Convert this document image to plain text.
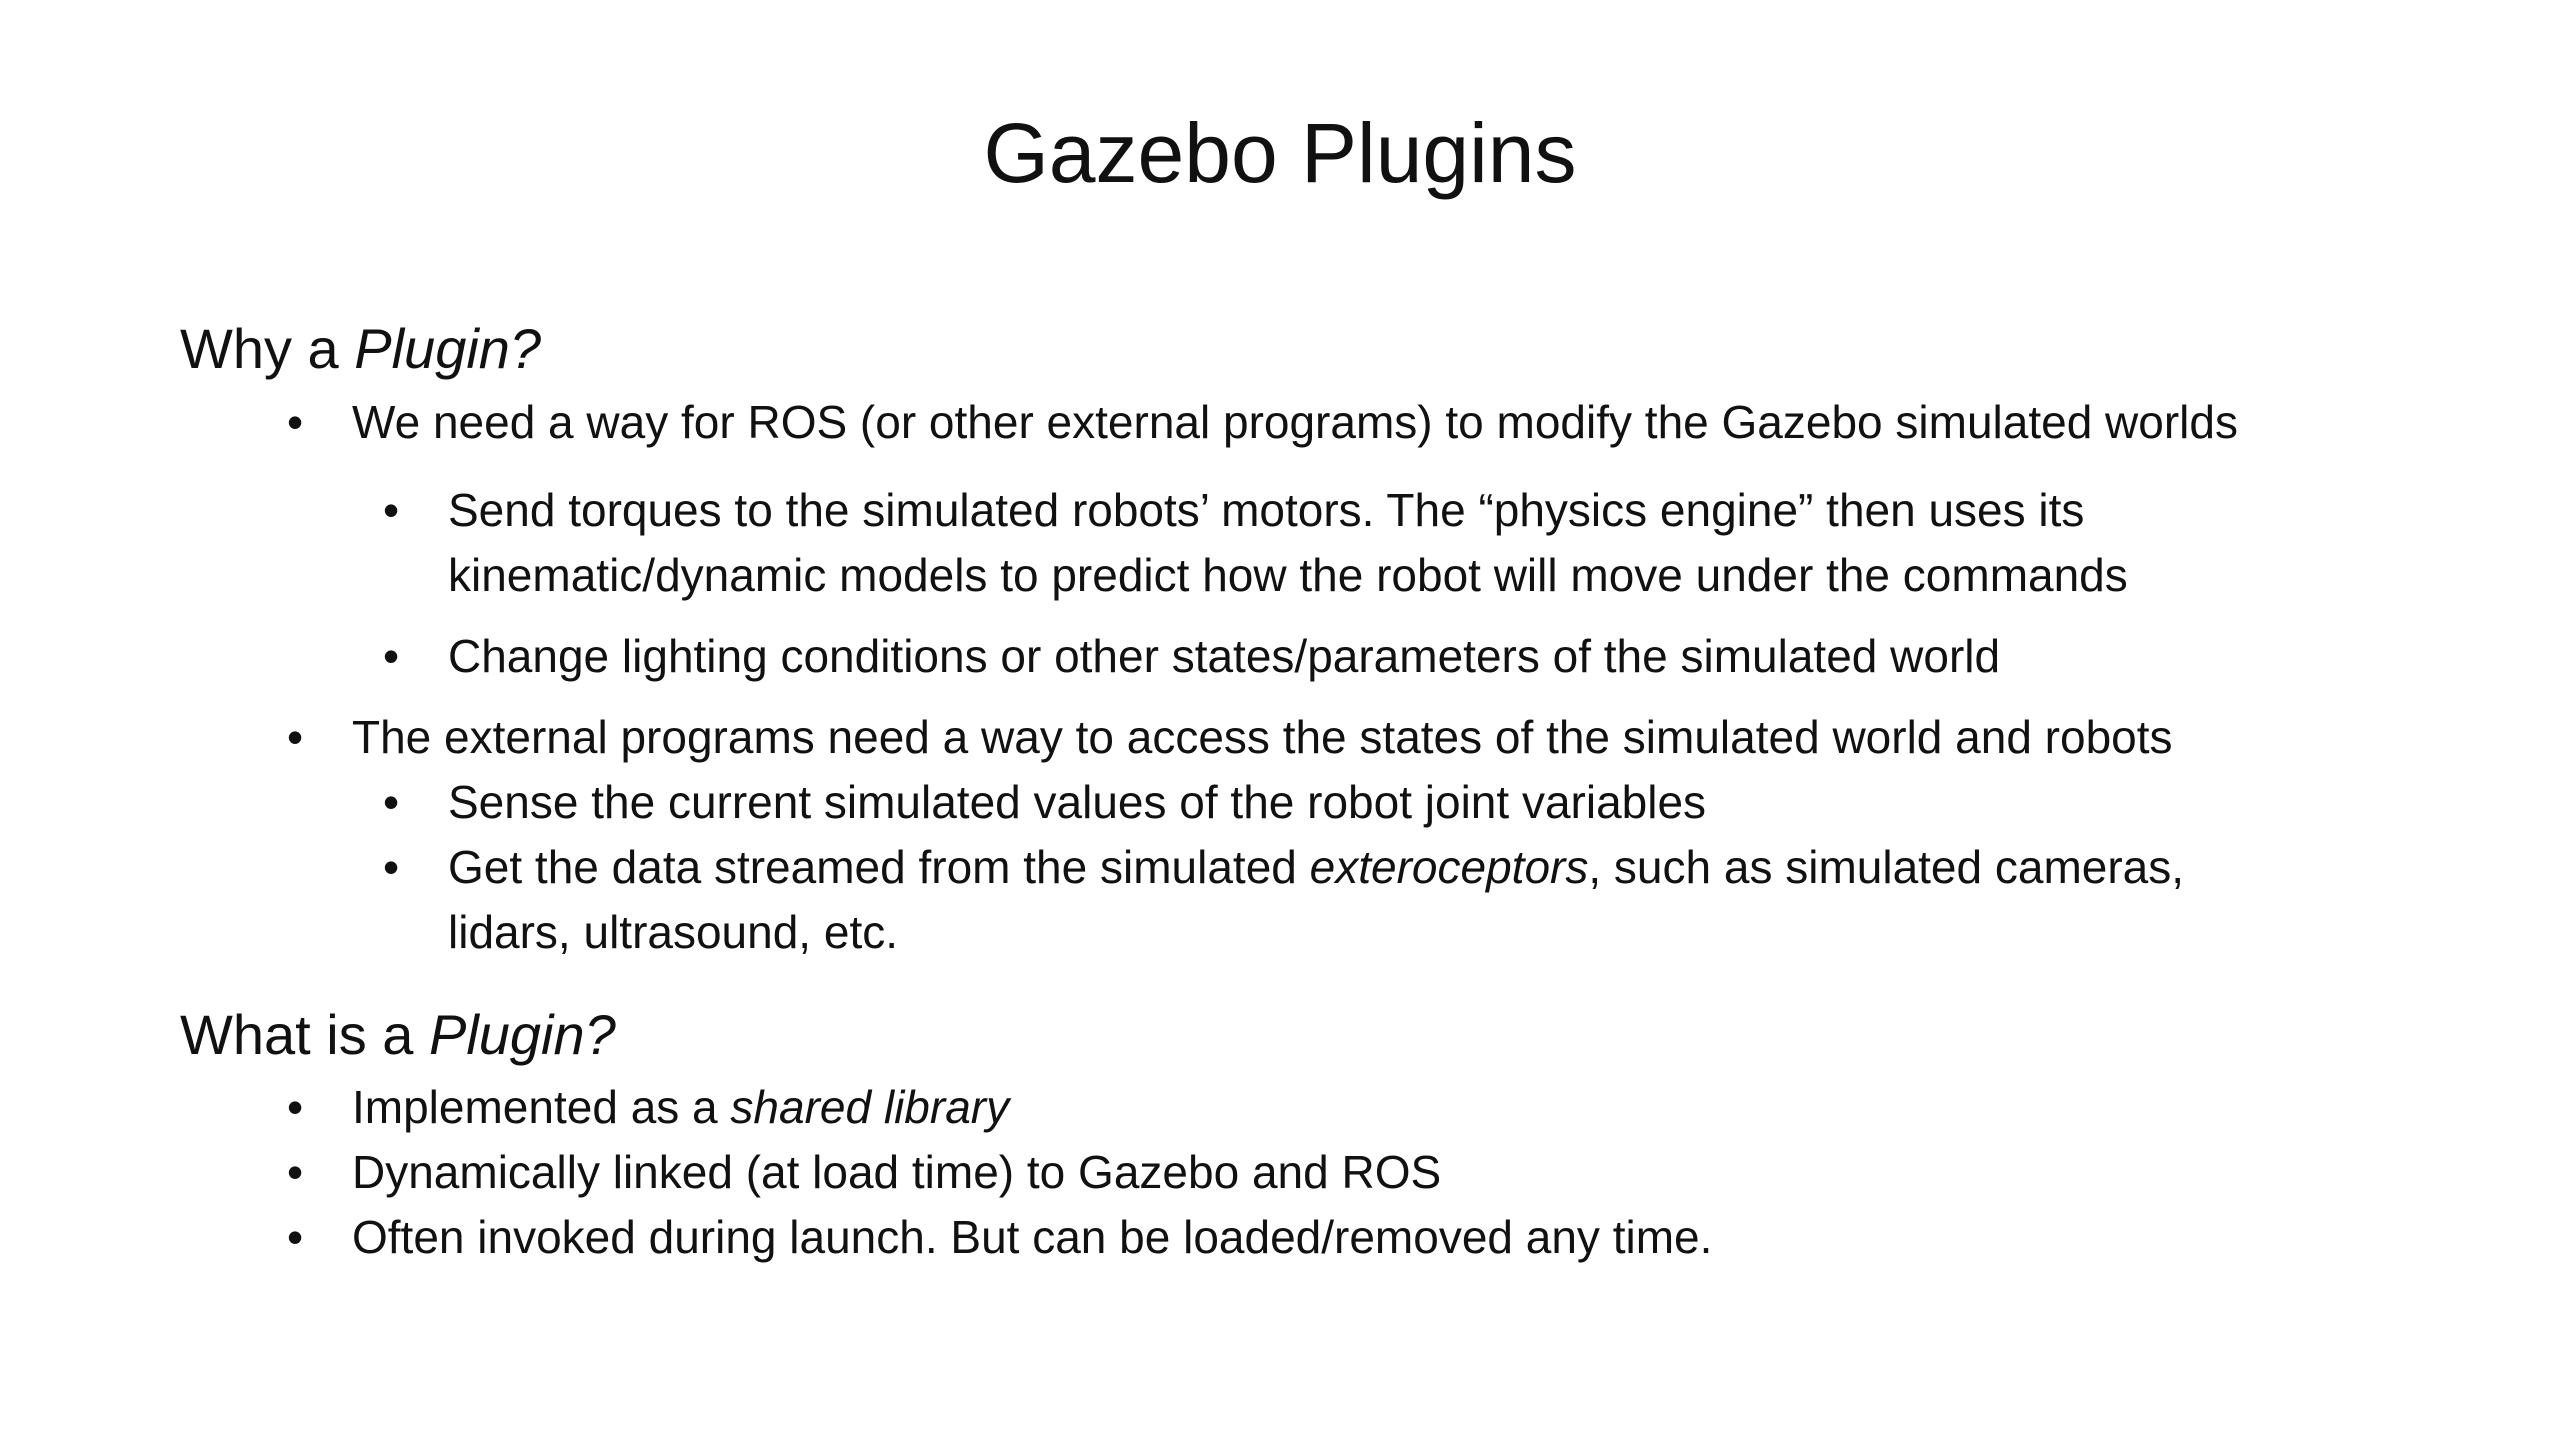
Gazebo Plugins
Why a Plugin?
• We need a way for ROS (or other external programs) to modify the Gazebo simulated worlds
• Send torques to the simulated robots’ motors. The “physics engine” then uses its
kinematic/dynamic models to predict how the robot will move under the commands
• Change lighting conditions or other states/parameters of the simulated world
• The external programs need a way to access the states of the simulated world and robots
• Sense the current simulated values of the robot joint variables
• Get the data streamed from the simulated exteroceptors, such as simulated cameras,
lidars, ultrasound, etc.
What is a Plugin?
• Implemented as a shared library
• Dynamically linked (at load time) to Gazebo and ROS
• Often invoked during launch. But can be loaded/removed any time.
